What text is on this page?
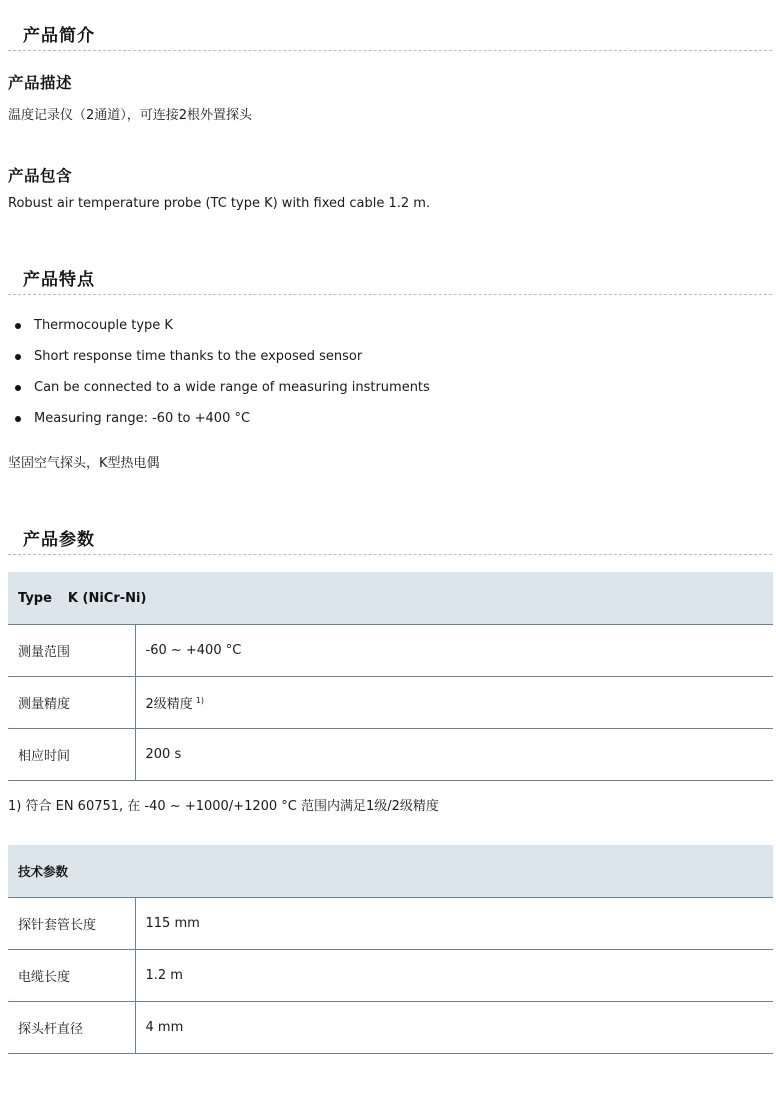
产品简介
产品描述
温度记录仪（2通道），可连接2根外置探头
产品包含
Robust air temperature probe (TC type K) with fixed cable 1.2 m.
产品特点
Thermocouple type K
Short response time thanks to the exposed sensor
Can be connected to a wide range of measuring instruments
Measuring range: -60 to +400 °C
坚固空气探头，K型热电偶
产品参数
Type K (NiCr-Ni)	
测量范围	-60 ~ +400 °C
测量精度	2级精度 $^{1)}$
相应时间	200 s
1) 符合 EN 60751, 在 -40 ~ +1000/+1200 °C 范围内满足1级/2级精度
技术参数	
探针套管长度	115 mm
电缆长度	1.2 m
探头杆直径	4 mm
